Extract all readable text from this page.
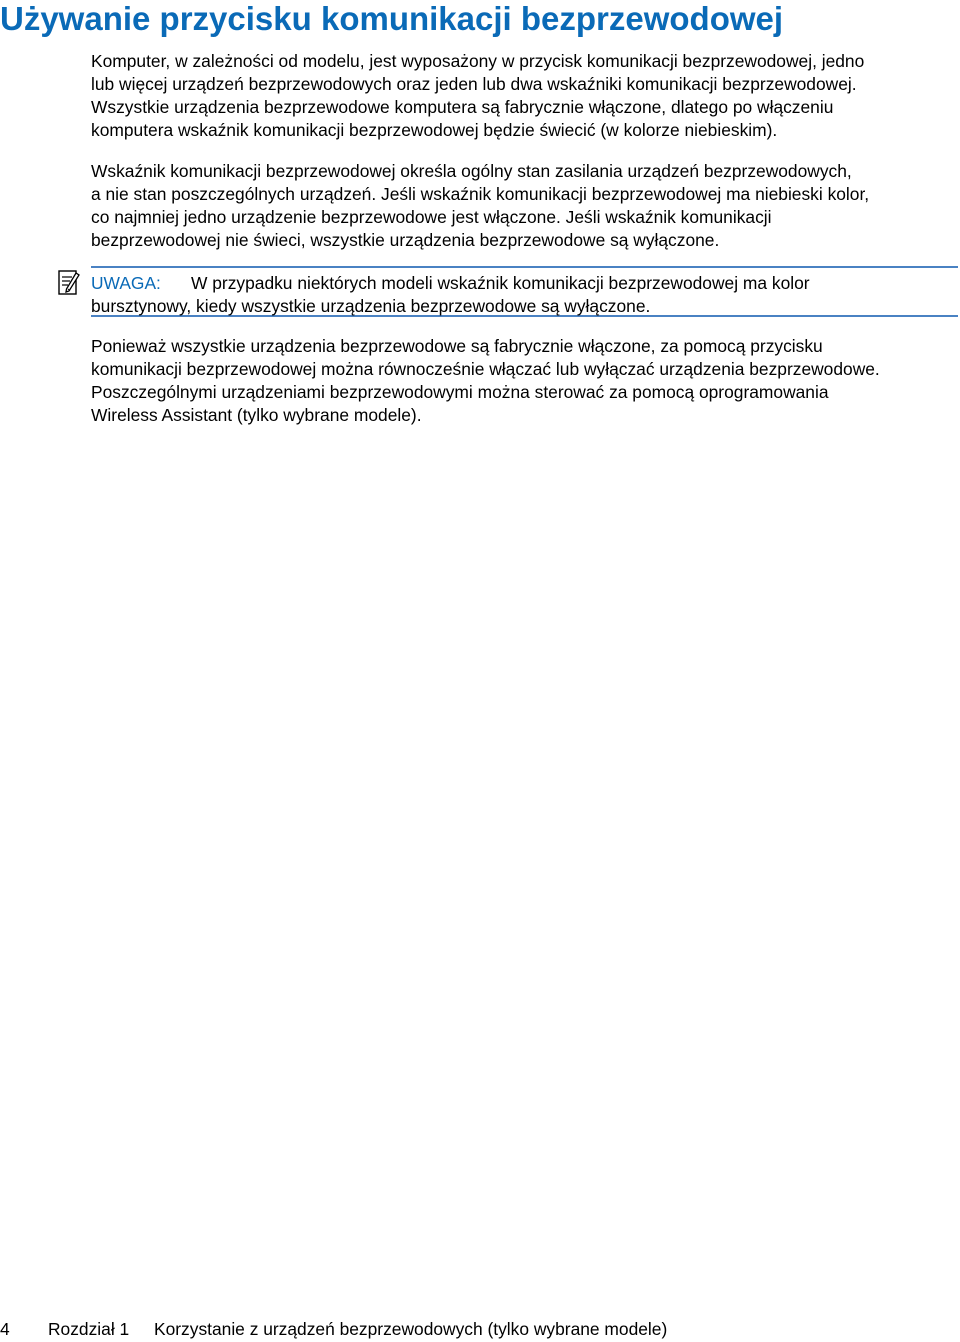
Używanie przycisku komunikacji bezprzewodowej

Komputer, w zależności od modelu, jest wyposażony w przycisk komunikacji bezprzewodowej, jedno
lub więcej urządzeń bezprzewodowych oraz jeden lub dwa wskaźniki komunikacji bezprzewodowej.
Wszystkie urządzenia bezprzewodowe komputera są fabrycznie włączone, dlatego po włączeniu
komputera wskaźnik komunikacji bezprzewodowej będzie świecić (w kolorze niebieskim).

Wskaźnik komunikacji bezprzewodowej określa ogólny stan zasilania urządzeń bezprzewodowych,
a nie stan poszczególnych urządzeń. Jeśli wskaźnik komunikacji bezprzewodowej ma niebieski kolor,
co najmniej jedno urządzenie bezprzewodowe jest włączone. Jeśli wskaźnik komunikacji
bezprzewodowej nie świeci, wszystkie urządzenia bezprzewodowe są wyłączone.

UWAGA: W przypadku niektórych modeli wskaźnik komunikacji bezprzewodowej ma kolor
bursztynowy, kiedy wszystkie urządzenia bezprzewodowe są wyłączone.

Ponieważ wszystkie urządzenia bezprzewodowe są fabrycznie włączone, za pomocą przycisku
komunikacji bezprzewodowej można równocześnie włączać lub wyłączać urządzenia bezprzewodowe.
Poszczególnymi urządzeniami bezprzewodowymi można sterować za pomocą oprogramowania
Wireless Assistant (tylko wybrane modele).

4 Rozdział 1 Korzystanie z urządzeń bezprzewodowych (tylko wybrane modele)
